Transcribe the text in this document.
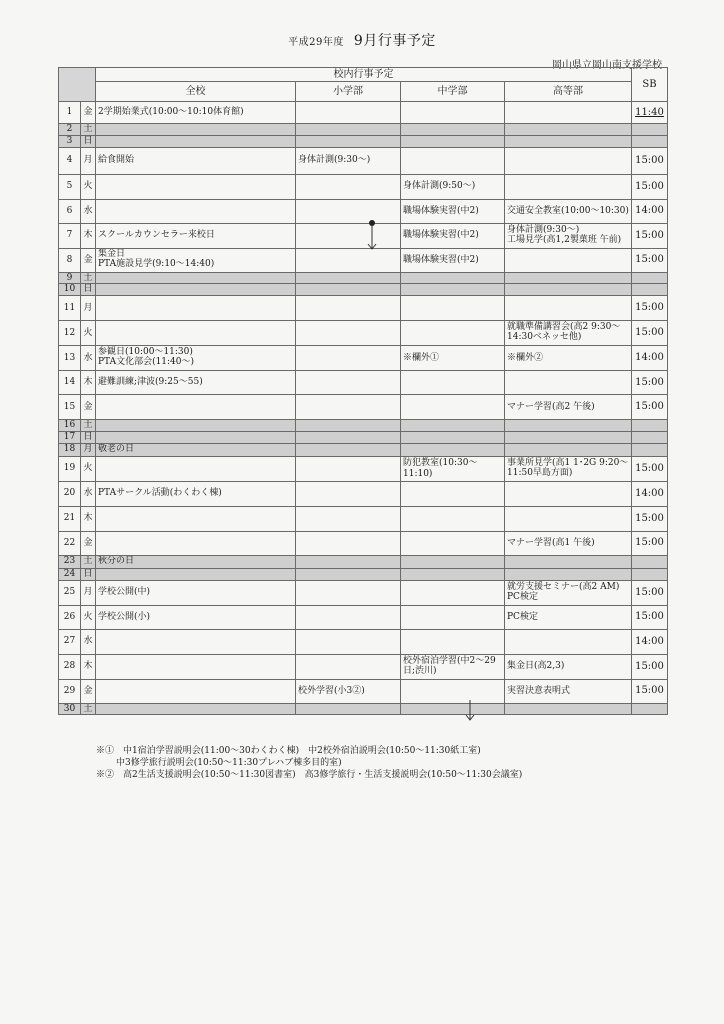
平成29年度 9月行事予定
岡山県立岡山南支援学校
		校内行事予定				SB
		全校	小学部	中学部	高等部	
1	金	2学期始業式(10:00～10:10体育館)				11:40
2	土					
3	日					
4	月	給食開始	身体計測(9:30～)			15:00
5	火			身体計測(9:50～)		15:00
6	水			職場体験実習(中2)	交通安全教室(10:00～10:30)	14:00
7	木	スクールカウンセラー来校日		職場体験実習(中2)	身体計測(9:30～)
工場見学(高1,2製菓班 午前)	15:00
8	金	集金日
PTA施設見学(9:10～14:40)		職場体験実習(中2)		15:00
9	土					
10	日					
11	月					15:00
12	火				就職準備講習会(高2 9:30～
14:30ベネッセ他)	15:00
13	水	参観日(10:00～11:30)
PTA文化部会(11:40～)		※欄外①	※欄外②	14:00
14	木	避難訓練;津波(9:25～55)				15:00
15	金				マナー学習(高2 午後)	15:00
16	土					
17	日					
18	月	敬老の日				
19	火			防犯教室(10:30～11:10)	事業所見学(高1 1･2G 9:20～
11:50早島方面)	15:00
20	水	PTAサークル活動(わくわく棟)				14:00
21	木					15:00
22	金				マナー学習(高1 午後)	15:00
23	土	秋分の日				
24	日					
25	月	学校公開(中)			就労支援セミナー(高2 AM)
PC検定	15:00
26	火	学校公開(小)			PC検定	15:00
27	水					14:00
28	木			校外宿泊学習(中2～29
日;渋川)	集金日(高2,3)	15:00
29	金		校外学習(小3②)		実習決意表明式	15:00
30	土					
※①　中1宿泊学習説明会(11:00～30わくわく棟)　中2校外宿泊説明会(10:50～11:30紙工室)
中3修学旅行説明会(10:50～11:30プレハブ棟多目的室)
※②　高2生活支援説明会(10:50～11:30図書室)　高3修学旅行・生活支援説明会(10:50～11:30会議室)
